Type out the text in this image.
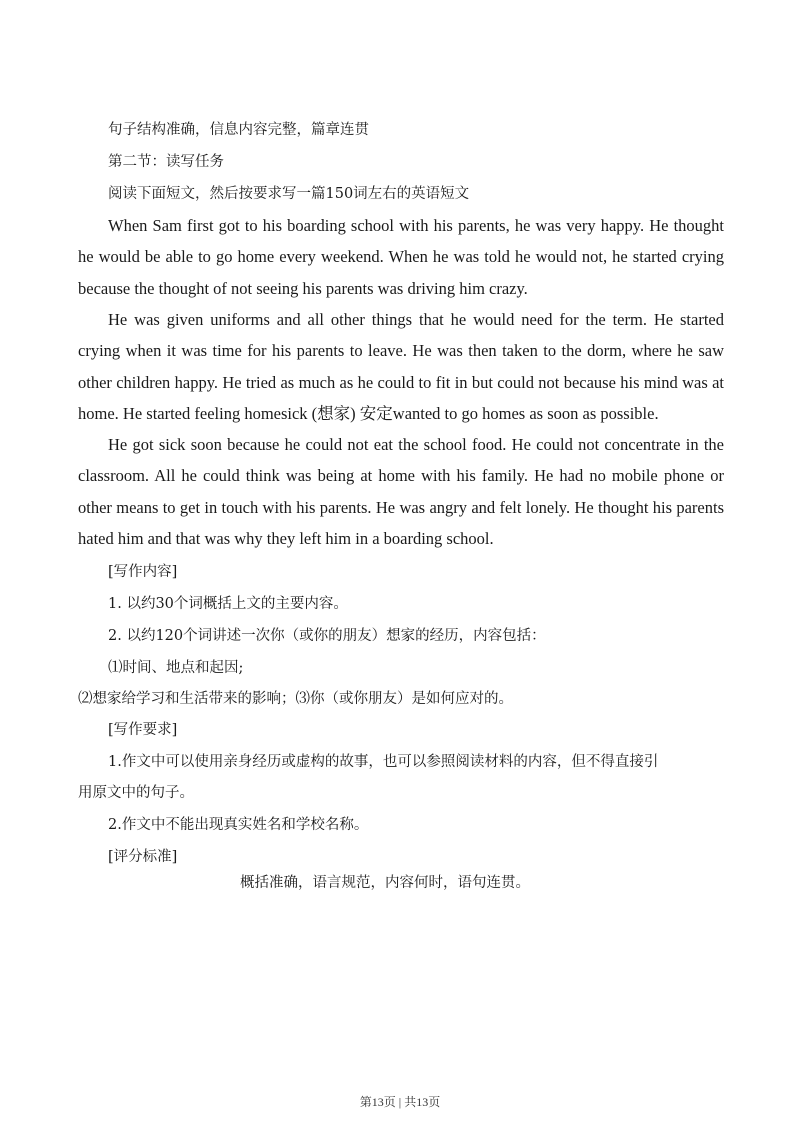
句子结构准确，信息内容完整，篇章连贯
第二节：读写任务
阅读下面短文，然后按要求写一篇150词左右的英语短文
When Sam first got to his boarding school with his parents, he was very happy. He thought he would be able to go home every weekend. When he was told he would not, he started crying because the thought of not seeing his parents was driving him crazy.
He was given uniforms and all other things that he would need for the term. He started crying when it was time for his parents to leave. He was then taken to the dorm, where he saw other children happy. He tried as much as he could to fit in but could not because his mind was at home. He started feeling homesick (想家) 安定wanted to go homes as soon as possible.
He got sick soon because he could not eat the school food. He could not concentrate in the classroom. All he could think was being at home with his family. He had no mobile phone or other means to get in touch with his parents. He was angry and felt lonely. He thought his parents hated him and that was why they left him in a boarding school.
[写作内容]
1. 以约30个词概括上文的主要内容。
2. 以约120个词讲述一次你（或你的朋友）想家的经历，内容包括：
⑴时间、地点和起因;
⑵想家给学习和生活带来的影响；⑶你（或你朋友）是如何应对的。
[写作要求]
1.作文中可以使用亲身经历或虚构的故事，也可以参照阅读材料的内容，但不得直接引
用原文中的句子。
2.作文中不能出现真实姓名和学校名称。
[评分标准]
概括准确，语言规范，内容何时，语句连贯。
第13页 | 共13页
